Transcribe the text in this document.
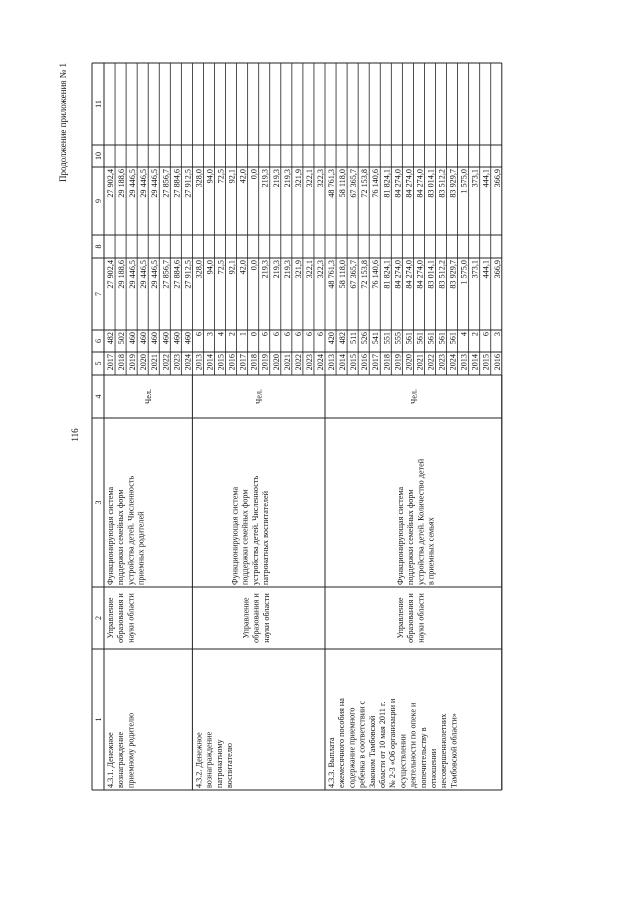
116
Продолжение приложения № 1
1
2
3
4
5
6
7
8
9
10
11
4.3.1. Денежное вознаграждение приемному родителю
Управление образования и науки области
Функционирующая система поддержки семейных форм устройства детей. Численность приемных родителей
Чел.
2017
482
27 902,4
27 902,4
2018
502
29 188,6
29 188,6
2019
460
29 446,5
29 446,5
2020
460
29 446,5
29 446,5
2021
460
29 446,5
29 446,5
2022
460
27 856,7
27 856,7
2023
460
27 884,6
27 884,6
2024
460
27 912,5
27 912,5
4.3.2. Денежное вознаграждение патронатному воспитателю
Управление образования и науки области
Функционирующая система поддержки семейных форм устройства детей. Численность патронатных воспитателей
Чел.
2013
6
328,0
328,0
2014
3
94,0
94,0
2015
4
72,5
72,5
2016
2
92,1
92,1
2017
1
42,0
42,0
2018
0
0,0
0,0
2019
6
219,3
219,3
2020
6
219,3
219,3
2021
6
219,3
219,3
2022
6
321,9
321,9
2023
6
322,1
322,1
2024
6
322,3
322,3
4.3.3. Выплата ежемесячного пособия на содержание приемного ребенка в соответствии с Законом Тамбовской области от 10 мая 2011 г. № 2-3 «Об организации и осуществлении деятельности по опеке и попечительству в отношении несовершеннолетних Тамбовской области»
Управление образования и науки области
Функционирующая система поддержки семейных форм устройства детей. Количество детей в приемных семьях
Чел.
2013
420
48 761,3
48 761,3
2014
482
58 118,0
58 118,0
2015
511
67 365,7
67 365,7
2016
526
72 153,8
72 153,8
2017
541
76 140,6
76 140,6
2018
551
81 824,1
81 824,1
2019
555
84 274,0
84 274,0
2020
561
84 274,0
84 274,0
2021
561
84 274,0
84 274,0
2022
561
83 014,1
83 014,1
2023
561
83 512,2
83 512,2
2024
561
83 929,7
83 929,7
2013
4
1 575,0
1 575,0
2014
2
373,1
373,1
2015
6
444,1
444,1
2016
3
366,9
366,9
